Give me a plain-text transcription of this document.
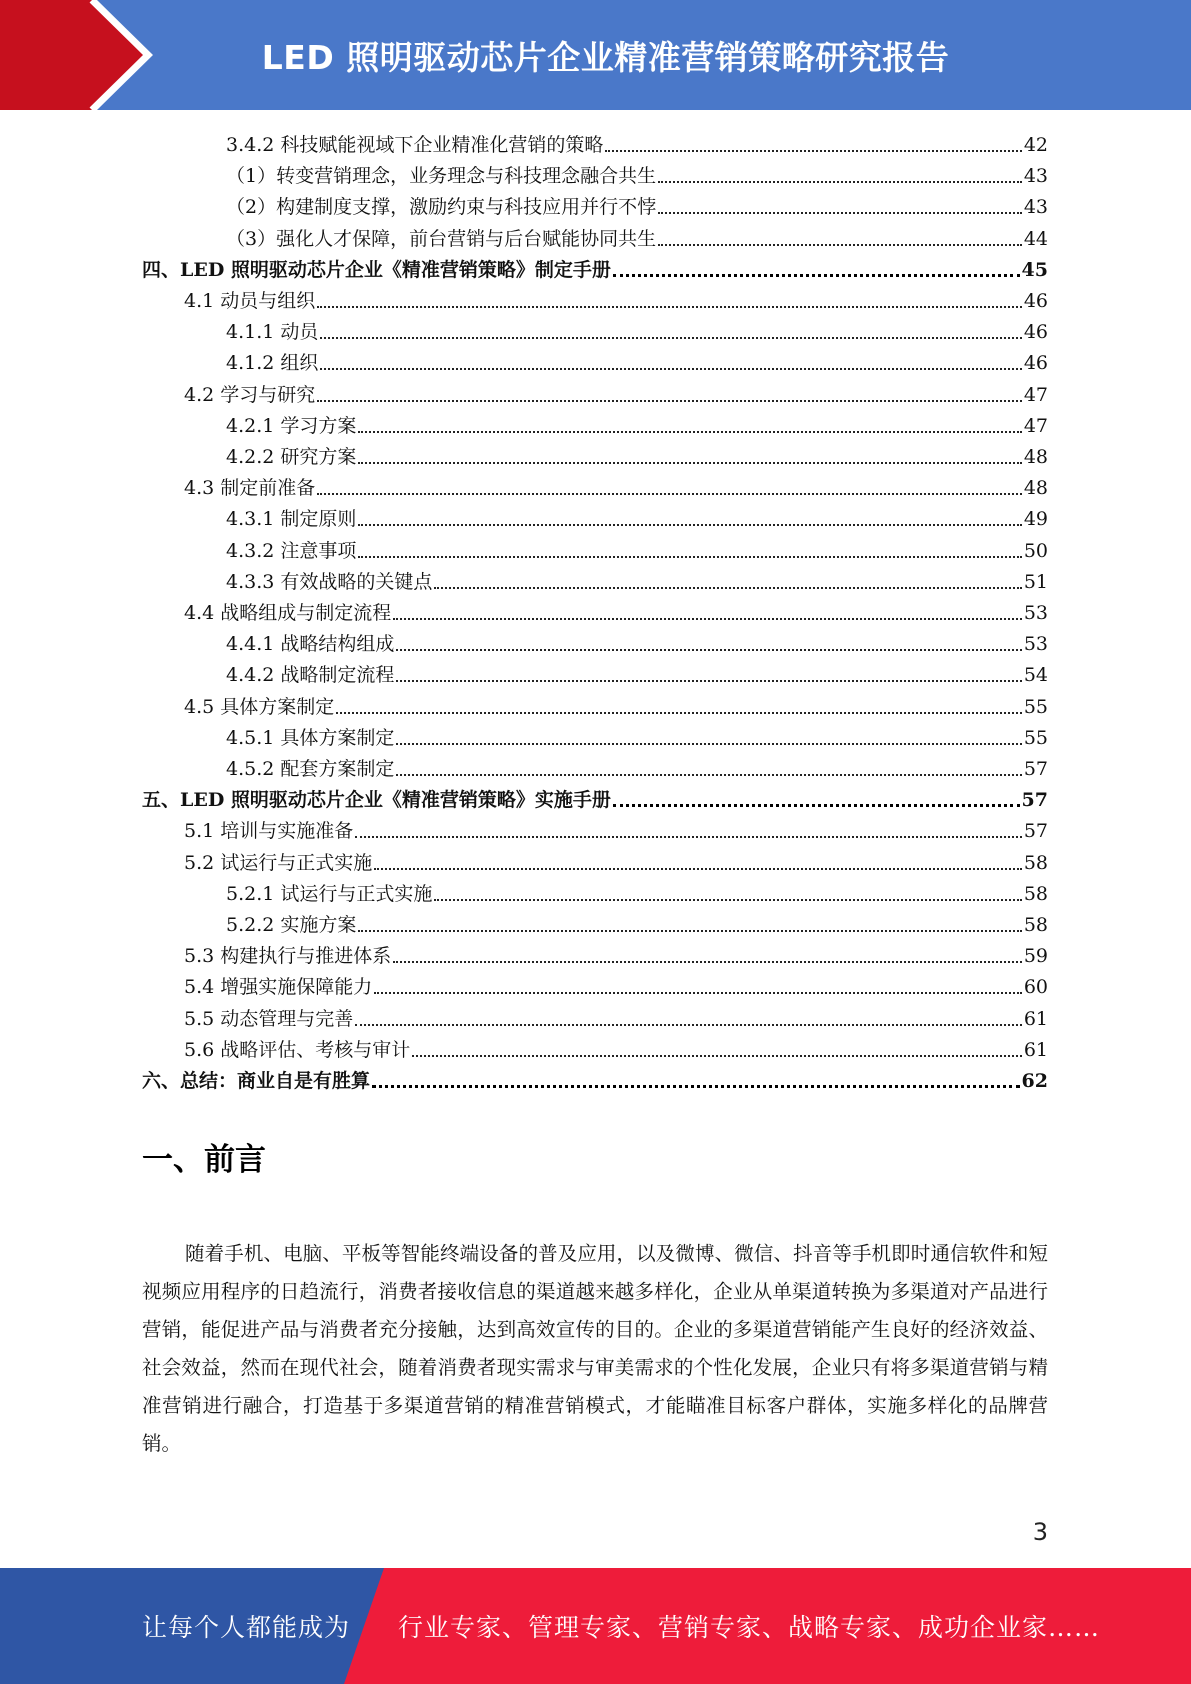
LED 照明驱动芯片企业精准营销策略研究报告
3.4.2 科技赋能视域下企业精准化营销的策略	42
（1）转变营销理念，业务理念与科技理念融合共生	43
（2）构建制度支撑，激励约束与科技应用并行不悖	43
（3）强化人才保障，前台营销与后台赋能协同共生	44
四、LED 照明驱动芯片企业《精准营销策略》制定手册	45
4.1 动员与组织	46
4.1.1 动员	46
4.1.2 组织	46
4.2 学习与研究	47
4.2.1 学习方案	47
4.2.2 研究方案	48
4.3 制定前准备	48
4.3.1 制定原则	49
4.3.2 注意事项	50
4.3.3 有效战略的关键点	51
4.4 战略组成与制定流程	53
4.4.1 战略结构组成	53
4.4.2 战略制定流程	54
4.5 具体方案制定	55
4.5.1 具体方案制定	55
4.5.2 配套方案制定	57
五、LED 照明驱动芯片企业《精准营销策略》实施手册	57
5.1 培训与实施准备	57
5.2 试运行与正式实施	58
5.2.1 试运行与正式实施	58
5.2.2 实施方案	58
5.3 构建执行与推进体系	59
5.4 增强实施保障能力	60
5.5 动态管理与完善	61
5.6 战略评估、考核与审计	61
六、总结：商业自是有胜算	62
一、前言

随着手机、电脑、平板等智能终端设备的普及应用，以及微博、微信、抖音等手机即时通信软件和短视频应用程序的日趋流行，消费者接收信息的渠道越来越多样化，企业从单渠道转换为多渠道对产品进行营销，能促进产品与消费者充分接触，达到高效宣传的目的。企业的多渠道营销能产生良好的经济效益、社会效益，然而在现代社会，随着消费者现实需求与审美需求的个性化发展，企业只有将多渠道营销与精准营销进行融合，打造基于多渠道营销的精准营销模式，才能瞄准目标客户群体，实施多样化的品牌营销。

3
让每个人都能成为 行业专家、管理专家、营销专家、战略专家、成功企业家……
